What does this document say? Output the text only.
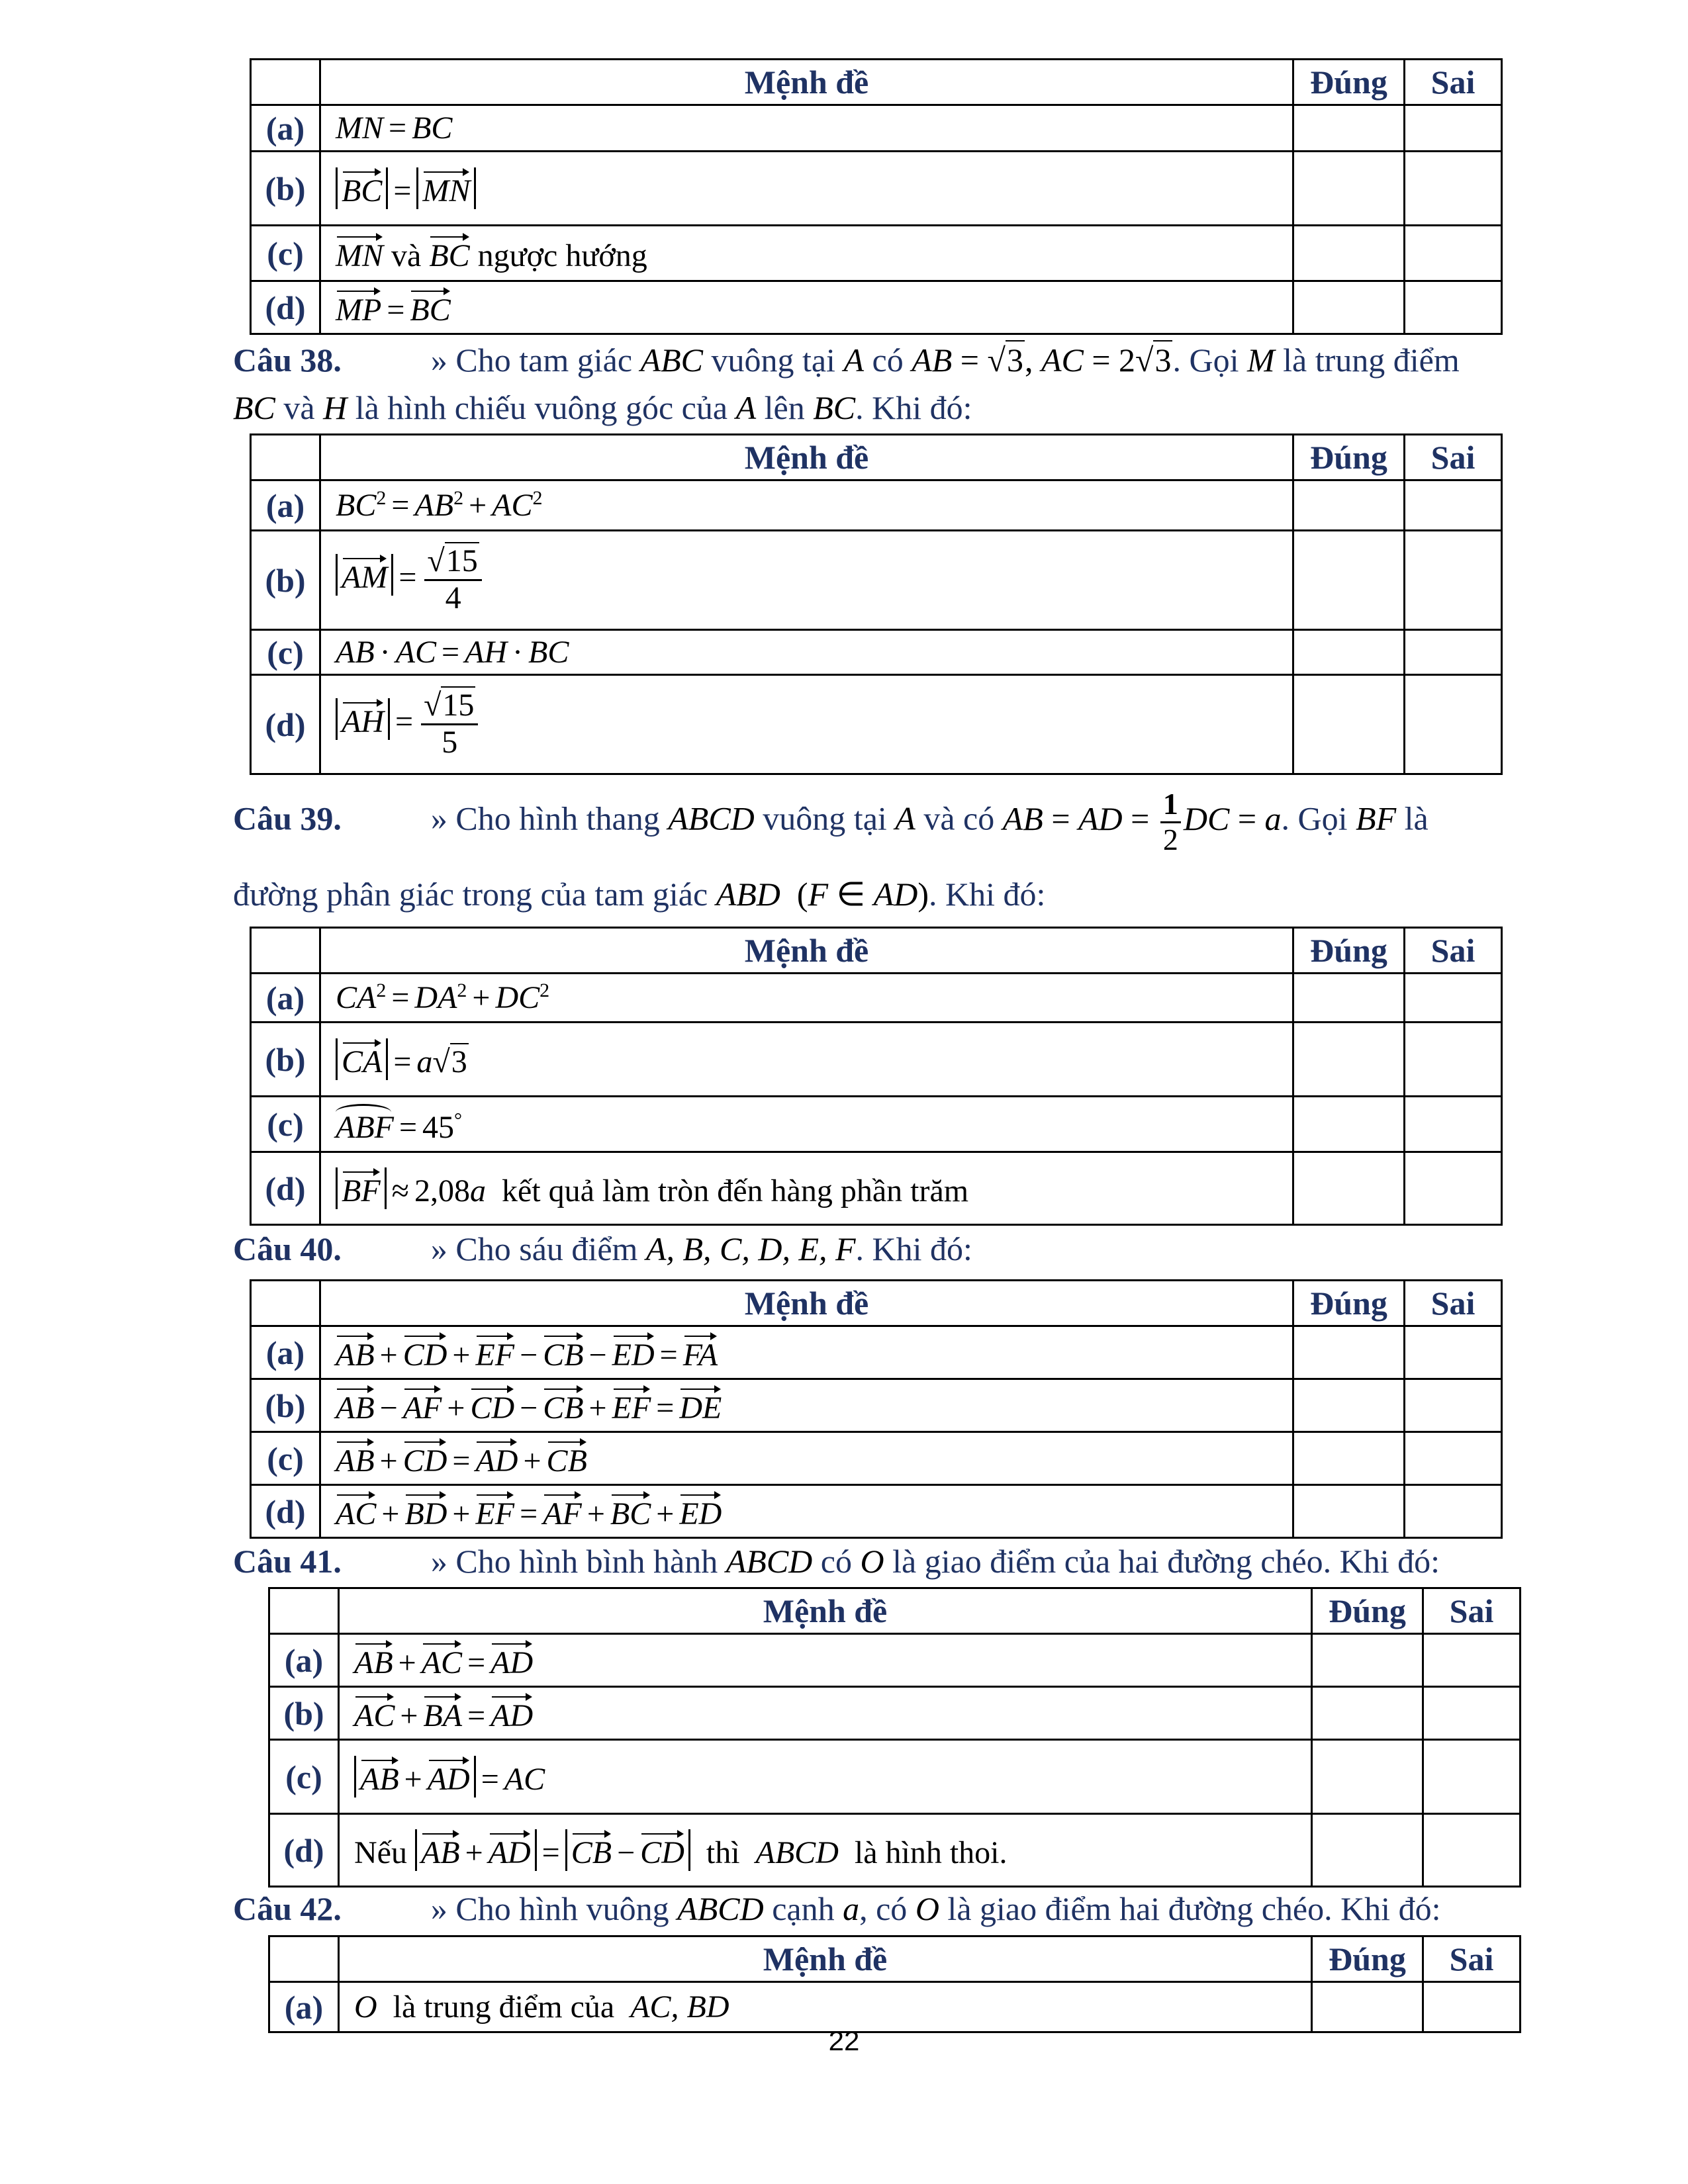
	Mệnh đề	Đúng	Sai
(a)	MN = BC		
(b)	BC = MN		
(c)	MN và BC ngược hướng		
(d)	MP = BC		
Câu 38.	» Cho tam giác ABC vuông tại A có AB = √3, AC = 2√3. Gọi M là trung điểm
BC và H là hình chiếu vuông góc của A lên BC. Khi đó:
	Mệnh đề	Đúng	Sai
(a)	$BC^2 = AB^2 + AC^2$		
(b)	AM = $\frac{√15}{4}$

(c)	AB · AC = AH · BC		
(d)	AH = $\frac{√15}{5}$

Câu 39.	» Cho hình thang ABCD vuông tại A và có AB = AD = $\frac{1}{2}$ DC = a. Gọi BF là
đường phân giác trong của tam giác ABD  (F ∈ AD). Khi đó:
	Mệnh đề	Đúng	Sai
(a)	$CA^2 = DA^2 + DC^2$		
(b)	CA = a√3		
(c)	ABF = 45°		
(d)	BF ≈ 2,08a kết quả làm tròn đến hàng phần trăm		
Câu 40.	» Cho sáu điểm A, B, C, D, E, F. Khi đó:
	Mệnh đề	Đúng	Sai
(a)	AB + CD + EF − CB − ED = FA		
(b)	AB − AF + CD − CB + EF = DE		
(c)	AB + CD = AD + CB		
(d)	AC + BD + EF = AF + BC + ED		
Câu 41.	» Cho hình bình hành ABCD có O là giao điểm của hai đường chéo. Khi đó:
	Mệnh đề	Đúng	Sai
(a)	AB + AC = AD		
(b)	AC + BA = AD		
(c)	AB + AD = AC		
(d)	Nếu AB + AD = CB − CD thì ABCD là hình thoi.		
Câu 42.	» Cho hình vuông ABCD cạnh a, có O là giao điểm hai đường chéo. Khi đó:
	Mệnh đề	Đúng	Sai
(a)	O là trung điểm của AC, BD		
22
